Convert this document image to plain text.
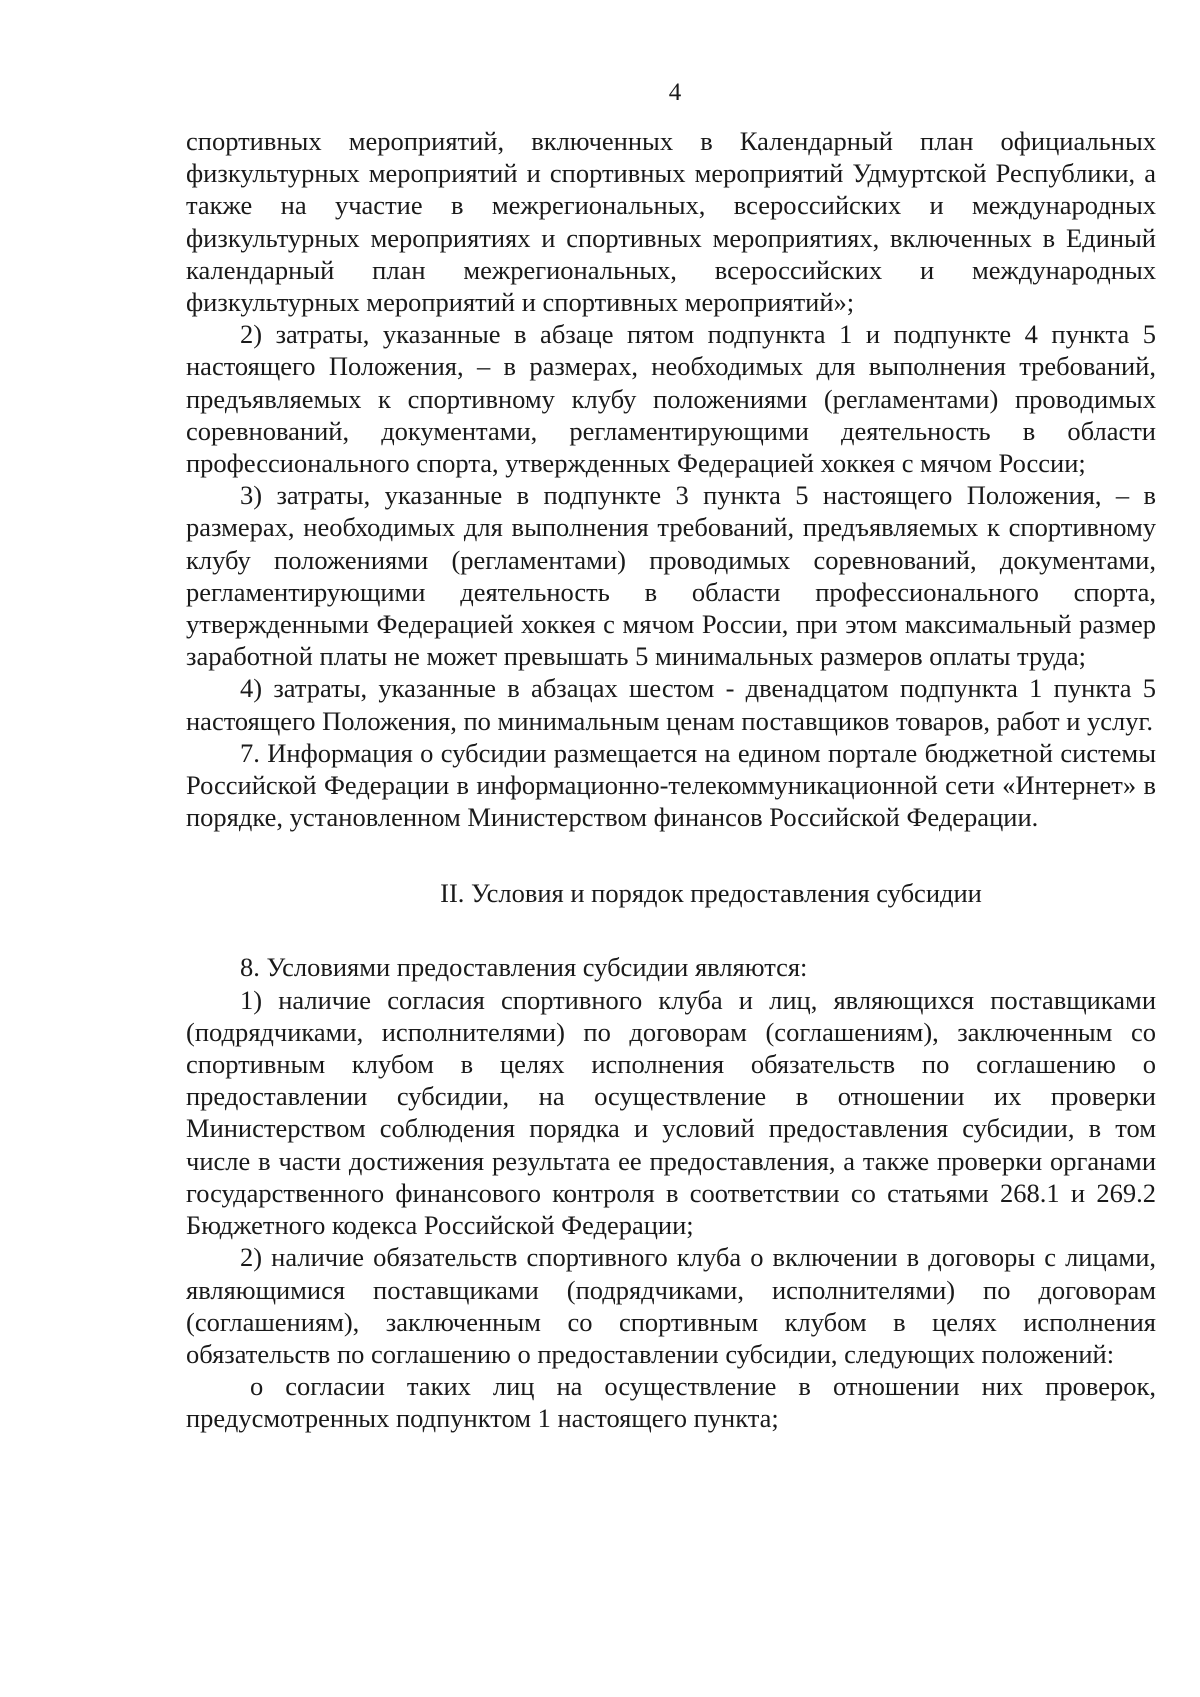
4

спортивных мероприятий, включенных в Календарный план официальных физкультурных мероприятий и спортивных мероприятий Удмуртской Республики, а также на участие в межрегиональных, всероссийских и международных физкультурных мероприятиях и спортивных мероприятиях, включенных в Единый календарный план межрегиональных, всероссийских и международных физкультурных мероприятий и спортивных мероприятий»;

2) затраты, указанные в абзаце пятом подпункта 1 и подпункте 4 пункта 5 настоящего Положения, – в размерах, необходимых для выполнения требований, предъявляемых к спортивному клубу положениями (регламентами) проводимых соревнований, документами, регламентирующими деятельность в области профессионального спорта, утвержденных Федерацией хоккея с мячом России;

3) затраты, указанные в подпункте 3 пункта 5 настоящего Положения, – в размерах, необходимых для выполнения требований, предъявляемых к спортивному клубу положениями (регламентами) проводимых соревнований, документами, регламентирующими деятельность в области профессионального спорта, утвержденными Федерацией хоккея с мячом России, при этом максимальный размер заработной платы не может превышать 5 минимальных размеров оплаты труда;

4) затраты, указанные в абзацах шестом - двенадцатом подпункта 1 пункта 5 настоящего Положения, по минимальным ценам поставщиков товаров, работ и услуг.

7. Информация о субсидии размещается на едином портале бюджетной системы Российской Федерации в информационно-телекоммуникационной сети «Интернет» в порядке, установленном Министерством финансов Российской Федерации.

II. Условия и порядок предоставления субсидии

8. Условиями предоставления субсидии являются:

1) наличие согласия спортивного клуба и лиц, являющихся поставщиками (подрядчиками, исполнителями) по договорам (соглашениям), заключенным со спортивным клубом в целях исполнения обязательств по соглашению о предоставлении субсидии, на осуществление в отношении их проверки Министерством соблюдения порядка и условий предоставления субсидии, в том числе в части достижения результата ее предоставления, а также проверки органами государственного финансового контроля в соответствии со статьями 268.1 и 269.2 Бюджетного кодекса Российской Федерации;

2) наличие обязательств спортивного клуба о включении в договоры с лицами, являющимися поставщиками (подрядчиками, исполнителями) по договорам (соглашениям), заключенным со спортивным клубом в целях исполнения обязательств по соглашению о предоставлении субсидии, следующих положений:

о согласии таких лиц на осуществление в отношении них проверок, предусмотренных подпунктом 1 настоящего пункта;
